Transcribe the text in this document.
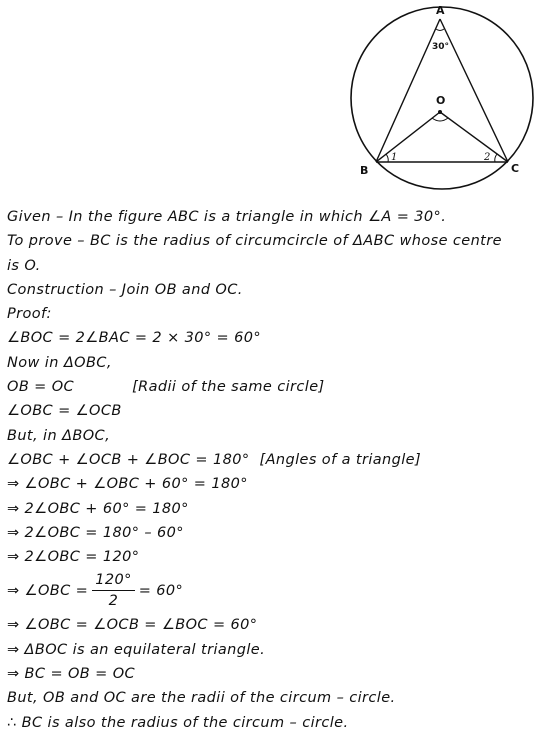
A
30°
O
B	C
1	2
Given – In the figure ABC is a triangle in which ∠A = 30°.
To prove – BC is the radius of circumcircle of ΔABC whose centre
is O.
Construction – Join OB and OC.
Proof:
∠BOC = 2∠BAC = 2 × 30° = 60°
Now in ΔOBC,
OB = OC	[Radii of the same circle]
∠OBC = ∠OCB
But, in ΔBOC,
∠OBC + ∠OCB + ∠BOC = 180° [Angles of a triangle]
⇒ ∠OBC + ∠OBC + 60° = 180°
⇒ 2∠OBC + 60° = 180°
⇒ 2∠OBC = 180° – 60°
⇒ 2∠OBC = 120°
⇒ ∠OBC = $\frac{120^\circ}{2} = 60^\circ$
⇒ ∠OBC = ∠OCB = ∠BOC = 60°
⇒ ΔBOC is an equilateral triangle.
⇒ BC = OB = OC
But, OB and OC are the radii of the circum – circle.
∴ BC is also the radius of the circum – circle.
